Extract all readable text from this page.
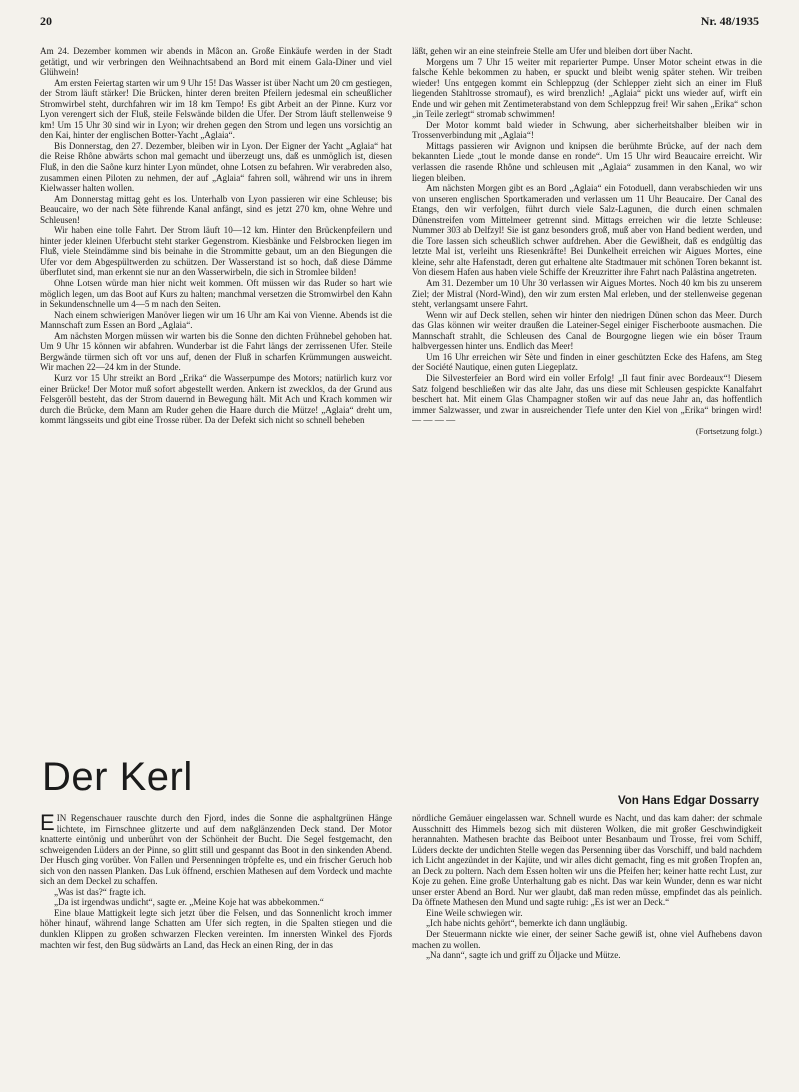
20	Nr. 48/1935

Am 24. Dezember kommen wir abends in Mâcon an. Große Einkäufe werden in der Stadt getätigt, und wir verbringen den Weihnachtsabend an Bord mit einem Gala-Diner und viel Glühwein!

Am ersten Feiertag starten wir um 9 Uhr 15! Das Wasser ist über Nacht um 20 cm gestiegen, der Strom läuft stärker! Die Brücken, hinter deren breiten Pfeilern jedesmal ein scheußlicher Stromwirbel steht, durchfahren wir im 18 km Tempo! Es gibt Arbeit an der Pinne. Kurz vor Lyon verengert sich der Fluß, steile Felswände bilden die Ufer. Der Strom läuft stellenweise 9 km! Um 15 Uhr 30 sind wir in Lyon; wir drehen gegen den Strom und legen uns vorsichtig an den Kai, hinter der englischen Botter-Yacht „Aglaia“.

Bis Donnerstag, den 27. Dezember, bleiben wir in Lyon. Der Eigner der Yacht „Aglaia“ hat die Reise Rhône abwärts schon mal gemacht und überzeugt uns, daß es unmöglich ist, diesen Fluß, in den die Saône kurz hinter Lyon mündet, ohne Lotsen zu befahren. Wir verabreden also, zusammen einen Piloten zu nehmen, der auf „Aglaia“ fahren soll, während wir uns in ihrem Kielwasser halten wollen.

Am Donnerstag mittag geht es los. Unterhalb von Lyon passieren wir eine Schleuse; bis Beaucaire, wo der nach Sète führende Kanal anfängt, sind es jetzt 270 km, ohne Wehre und Schleusen!

Wir haben eine tolle Fahrt. Der Strom läuft 10—12 km. Hinter den Brückenpfeilern und hinter jeder kleinen Uferbucht steht starker Gegenstrom. Kiesbänke und Felsbrocken liegen im Fluß, viele Steindämme sind bis beinahe in die Strommitte gebaut, um an den Biegungen die Ufer vor dem Abgespültwerden zu schützen. Der Wasserstand ist so hoch, daß diese Dämme überflutet sind, man erkennt sie nur an den Wasserwirbeln, die sich in Stromlee bilden!

Ohne Lotsen würde man hier nicht weit kommen. Oft müssen wir das Ruder so hart wie möglich legen, um das Boot auf Kurs zu halten; manchmal versetzen die Stromwirbel den Kahn in Sekundenschnelle um 4—5 m nach den Seiten.

Nach einem schwierigen Manöver liegen wir um 16 Uhr am Kai von Vienne. Abends ist die Mannschaft zum Essen an Bord „Aglaia“.

Am nächsten Morgen müssen wir warten bis die Sonne den dichten Frühnebel gehoben hat. Um 9 Uhr 15 können wir abfahren. Wunderbar ist die Fahrt längs der zerrissenen Ufer. Steile Bergwände türmen sich oft vor uns auf, denen der Fluß in scharfen Krümmungen ausweicht. Wir machen 22—24 km in der Stunde.

Kurz vor 15 Uhr streikt an Bord „Erika“ die Wasserpumpe des Motors; natürlich kurz vor einer Brücke! Der Motor muß sofort abgestellt werden. Ankern ist zwecklos, da der Grund aus Felsgeröll besteht, das der Strom dauernd in Bewegung hält. Mit Ach und Krach kommen wir durch die Brücke, dem Mann am Ruder gehen die Haare durch die Mütze! „Aglaia“ dreht um, kommt längsseits und gibt eine Trosse rüber. Da der Defekt sich nicht so schnell beheben

läßt, gehen wir an eine steinfreie Stelle am Ufer und bleiben dort über Nacht.

Morgens um 7 Uhr 15 weiter mit reparierter Pumpe. Unser Motor scheint etwas in die falsche Kehle bekommen zu haben, er spuckt und bleibt wenig später stehen. Wir treiben wieder! Uns entgegen kommt ein Schleppzug (der Schlepper zieht sich an einer im Fluß liegenden Stahltrosse stromauf), es wird brenzlich! „Aglaia“ pickt uns wieder auf, wirft ein Ende und wir gehen mit Zentimeterabstand von dem Schleppzug frei! Wir sahen „Erika“ schon „in Teile zerlegt“ stromab schwimmen!

Der Motor kommt bald wieder in Schwung, aber sicherheitshalber bleiben wir in Trossenverbindung mit „Aglaia“!

Mittags passieren wir Avignon und knipsen die berühmte Brücke, auf der nach dem bekannten Liede „tout le monde danse en ronde“. Um 15 Uhr wird Beaucaire erreicht. Wir verlassen die rasende Rhône und schleusen mit „Aglaia“ zusammen in den Kanal, wo wir liegen bleiben.

Am nächsten Morgen gibt es an Bord „Aglaia“ ein Fotoduell, dann verabschieden wir uns von unseren englischen Sportkameraden und verlassen um 11 Uhr Beaucaire. Der Canal des Etangs, den wir verfolgen, führt durch viele Salz-Lagunen, die durch einen schmalen Dünenstreifen vom Mittelmeer getrennt sind. Mittags erreichen wir die letzte Schleuse: Nummer 303 ab Delfzyl! Sie ist ganz besonders groß, muß aber von Hand bedient werden, und die Tore lassen sich scheußlich schwer aufdrehen. Aber die Gewißheit, daß es endgültig das letzte Mal ist, verleiht uns Riesenkräfte! Bei Dunkelheit erreichen wir Aigues Mortes, eine kleine, sehr alte Hafenstadt, deren gut erhaltene alte Stadtmauer mit schönen Toren bekannt ist. Von diesem Hafen aus haben viele Schiffe der Kreuzritter ihre Fahrt nach Palästina angetreten.

Am 31. Dezember um 10 Uhr 30 verlassen wir Aigues Mortes. Noch 40 km bis zu unserem Ziel; der Mistral (Nord-Wind), den wir zum ersten Mal erleben, und der stellenweise gegenan steht, verlangsamt unsere Fahrt.

Wenn wir auf Deck stellen, sehen wir hinter den niedrigen Dünen schon das Meer. Durch das Glas können wir weiter draußen die Lateiner-Segel einiger Fischerboote ausmachen. Die Mannschaft strahlt, die Schleusen des Canal de Bourgogne liegen wie ein böser Traum halbvergessen hinter uns. Endlich das Meer!

Um 16 Uhr erreichen wir Sète und finden in einer geschützten Ecke des Hafens, am Steg der Société Nautique, einen guten Liegeplatz.

Die Silvesterfeier an Bord wird ein voller Erfolg! „Il faut finir avec Bordeaux“! Diesem Satz folgend beschließen wir das alte Jahr, das uns diese mit Schleusen gespickte Kanalfahrt beschert hat. Mit einem Glas Champagner stoßen wir auf das neue Jahr an, das hoffentlich immer Salzwasser, und zwar in ausreichender Tiefe unter den Kiel von „Erika“ bringen wird! — — — —

(Fortsetzung folgt.)
Der Kerl
Von Hans Edgar Dossarry

EIN Regenschauer rauschte durch den Fjord, indes die Sonne die asphaltgrünen Hänge lichtete, im Firnschnee glitzerte und auf dem naßglänzenden Deck stand. Der Motor knatterte eintönig und unberührt von der Schönheit der Bucht. Die Segel festgemacht, den schweigenden Lüders an der Pinne, so glitt still und gespannt das Boot in den sinkenden Abend. Der Husch ging vorüber. Von Fallen und Persenningen tröpfelte es, und ein frischer Geruch hob sich von den nassen Planken. Das Luk öffnend, erschien Mathesen auf dem Vordeck und machte sich an dem Deckel zu schaffen.

„Was ist das?“ fragte ich.

„Da ist irgendwas undicht“, sagte er. „Meine Koje hat was abbekommen.“

Eine blaue Mattigkeit legte sich jetzt über die Felsen, und das Sonnenlicht kroch immer höher hinauf, während lange Schatten am Ufer sich regten, in die Spalten stiegen und die dunklen Klippen zu großen schwarzen Flecken vereinten. Im innersten Winkel des Fjords machten wir fest, den Bug südwärts an Land, das Heck an einen Ring, der in das

nördliche Gemäuer eingelassen war. Schnell wurde es Nacht, und das kam daher: der schmale Ausschnitt des Himmels bezog sich mit düsteren Wolken, die mit großer Geschwindigkeit herannahten. Mathesen brachte das Beiboot unter Besanbaum und Trosse, frei vom Schiff, Lüders deckte der undichten Stelle wegen das Persenning über das Vorschiff, und bald nachdem ich Licht angezündet in der Kajüte, und wir alles dicht gemacht, fing es mit großen Tropfen an, an Deck zu poltern. Nach dem Essen holten wir uns die Pfeifen her; keiner hatte recht Lust, zur Koje zu gehen. Eine große Unterhaltung gab es nicht. Das war kein Wunder, denn es war nicht unser erster Abend an Bord. Nur wer glaubt, daß man reden müsse, empfindet das als peinlich. Da öffnete Mathesen den Mund und sagte ruhig: „Es ist wer an Deck.“

Eine Weile schwiegen wir.

„Ich habe nichts gehört“, bemerkte ich dann ungläubig.

Der Steuermann nickte wie einer, der seiner Sache gewiß ist, ohne viel Aufhebens davon machen zu wollen.

„Na dann“, sagte ich und griff zu Öljacke und Mütze.
